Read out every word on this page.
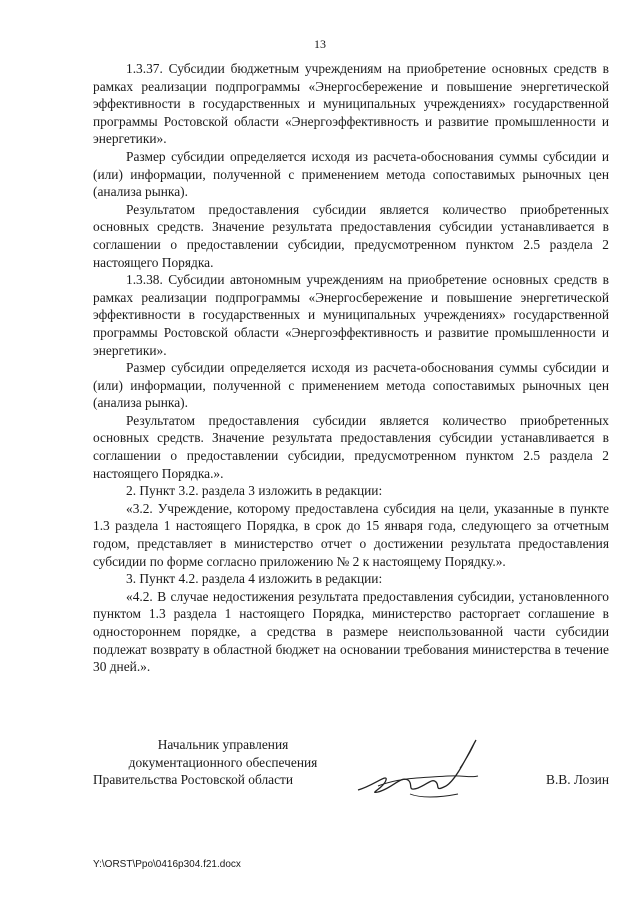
13

1.3.37. Субсидии бюджетным учреждениям на приобретение основных средств в рамках реализации подпрограммы «Энергосбережение и повышение энергетической эффективности в государственных и муниципальных учреждениях» государственной программы Ростовской области «Энергоэффективность и развитие промышленности и энергетики».

Размер субсидии определяется исходя из расчета-обоснования суммы субсидии и (или) информации, полученной с применением метода сопоставимых рыночных цен (анализа рынка).

Результатом предоставления субсидии является количество приобретенных основных средств. Значение результата предоставления субсидии устанавливается в соглашении о предоставлении субсидии, предусмотренном пунктом 2.5 раздела 2 настоящего Порядка.

1.3.38. Субсидии автономным учреждениям на приобретение основных средств в рамках реализации подпрограммы «Энергосбережение и повышение энергетической эффективности в государственных и муниципальных учреждениях» государственной программы Ростовской области «Энергоэффективность и развитие промышленности и энергетики».

Размер субсидии определяется исходя из расчета-обоснования суммы субсидии и (или) информации, полученной с применением метода сопоставимых рыночных цен (анализа рынка).

Результатом предоставления субсидии является количество приобретенных основных средств. Значение результата предоставления субсидии устанавливается в соглашении о предоставлении субсидии, предусмотренном пунктом 2.5 раздела 2 настоящего Порядка.».

2. Пункт 3.2. раздела 3 изложить в редакции:

«3.2. Учреждение, которому предоставлена субсидия на цели, указанные в пункте 1.3 раздела 1 настоящего Порядка, в срок до 15 января года, следующего за отчетным годом, представляет в министерство отчет о достижении результата предоставления субсидии по форме согласно приложению № 2 к настоящему Порядку.».

3. Пункт 4.2. раздела 4 изложить в редакции:

«4.2. В случае недостижения результата предоставления субсидии, установленного пунктом 1.3 раздела 1 настоящего Порядка, министерство расторгает соглашение в одностороннем порядке, а средства в размере неиспользованной части субсидии подлежат возврату в областной бюджет на основании требования министерства в течение 30 дней.».

Начальник управления
документационного обеспечения
Правительства Ростовской области	В.В. Лозин
Y:\ORST\Ppo\0416p304.f21.docx
